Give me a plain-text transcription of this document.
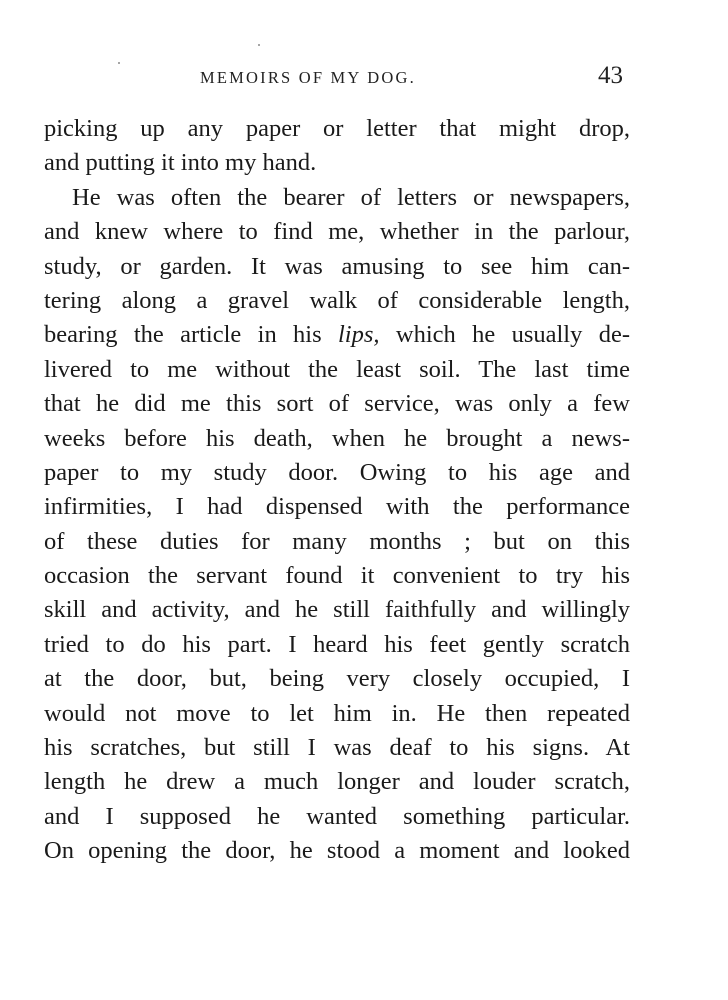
MEMOIRS OF MY DOG.	43
picking up any paper or letter that might drop,
and putting it into my hand.
He was often the bearer of letters or newspapers,
and knew where to find me, whether in the parlour,
study, or garden. It was amusing to see him can-
tering along a gravel walk of considerable length,
bearing the article in his lips, which he usually de-
livered to me without the least soil. The last time
that he did me this sort of service, was only a few
weeks before his death, when he brought a news-
paper to my study door. Owing to his age and
infirmities, I had dispensed with the performance
of these duties for many months ; but on this
occasion the servant found it convenient to try his
skill and activity, and he still faithfully and willingly
tried to do his part. I heard his feet gently scratch
at the door, but, being very closely occupied, I
would not move to let him in. He then repeated
his scratches, but still I was deaf to his signs. At
length he drew a much longer and louder scratch,
and I supposed he wanted something particular.
On opening the door, he stood a moment and looked
